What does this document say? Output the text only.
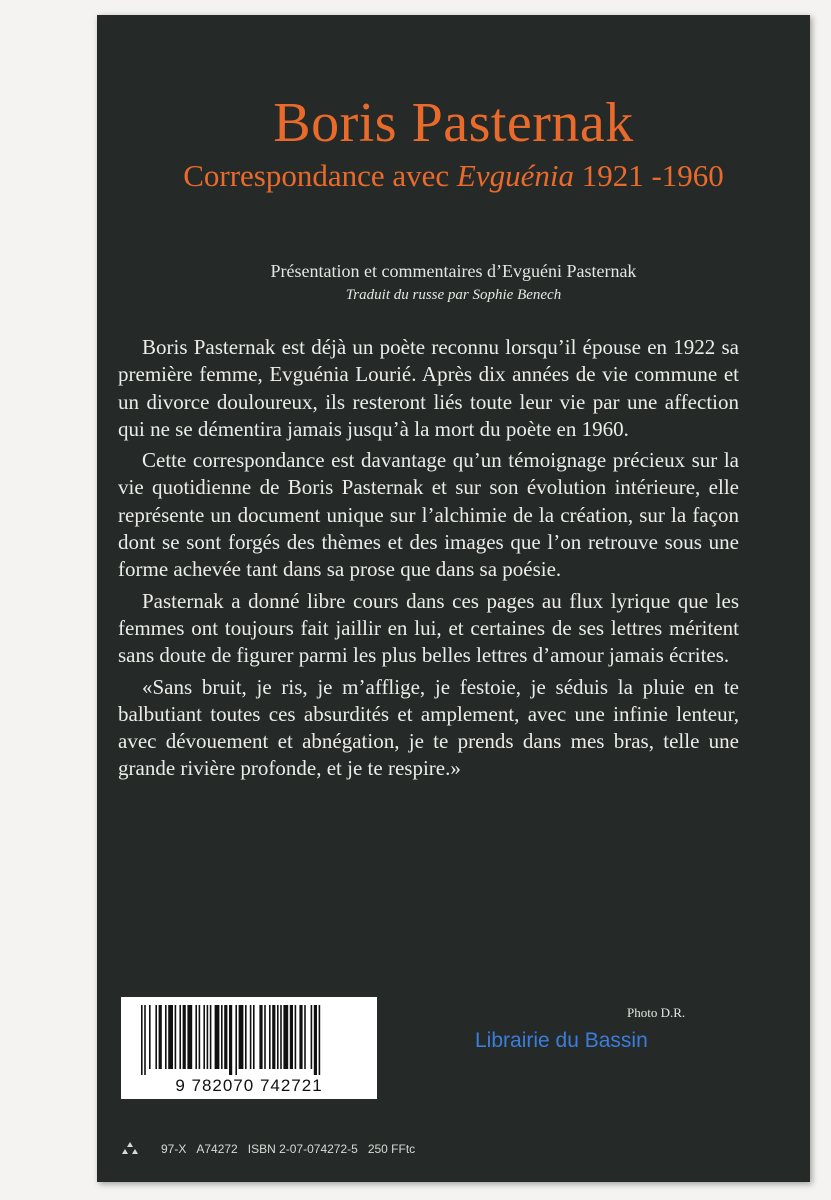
Boris Pasternak
Correspondance avec Evguénia 1921 -1960
Présentation et commentaires d’Evguéni Pasternak
Traduit du russe par Sophie Benech

Boris Pasternak est déjà un poète reconnu lorsqu’il épouse en 1922 sa première femme, Evguénia Lourié. Après dix années de vie commune et un divorce douloureux, ils resteront liés toute leur vie par une affection qui ne se démentira jamais jusqu’à la mort du poète en 1960.

Cette correspondance est davantage qu’un témoignage précieux sur la vie quotidienne de Boris Pasternak et sur son évolution intérieure, elle représente un document unique sur l’alchimie de la création, sur la façon dont se sont forgés des thèmes et des images que l’on retrouve sous une forme achevée tant dans sa prose que dans sa poésie.

Pasternak a donné libre cours dans ces pages au flux lyrique que les femmes ont toujours fait jaillir en lui, et certaines de ses lettres méritent sans doute de figurer parmi les plus belles lettres d’amour jamais écrites.

«Sans bruit, je ris, je m’afflige, je festoie, je séduis la pluie en te balbutiant toutes ces absurdités et amplement, avec une infinie lenteur, avec dévouement et abnégation, je te prends dans mes bras, telle une grande rivière profonde, et je te respire.»

9 782070 742721
Photo D.R.
Librairie du Bassin
97-X A74272 ISBN 2-07-074272-5 250 FFtc
